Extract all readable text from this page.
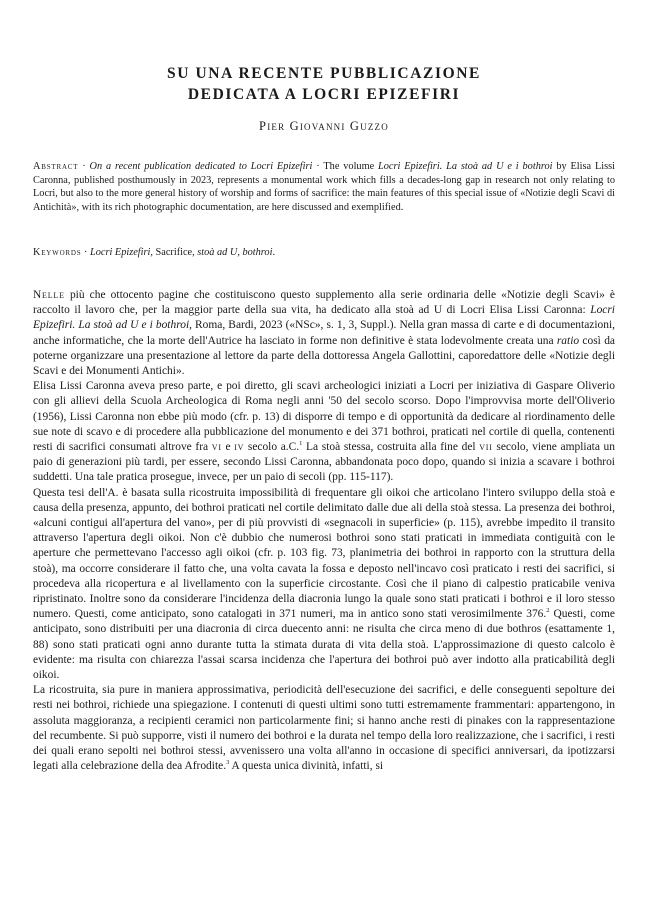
SU UNA RECENTE PUBBLICAZIONE
DEDICATA A LOCRI EPIZEFIRI
Pier Giovanni Guzzo

Abstract · On a recent publication dedicated to Locri Epizefiri · The volume Locri Epizefiri. La stoà ad U e i bothroi by Elisa Lissi Caronna, published posthumously in 2023, represents a monumental work which fills a decades-long gap in research not only relating to Locri, but also to the more general history of worship and forms of sacrifice: the main features of this special issue of «Notizie degli Scavi di Antichità», with its rich photographic documentation, are here discussed and exemplified.

Keywords · Locri Epizefiri, Sacrifice, stoà ad U, bothroi.

Nelle più che ottocento pagine che costituiscono questo supplemento alla serie ordinaria delle «Notizie degli Scavi» è raccolto il lavoro che, per la maggior parte della sua vita, ha dedicato alla stoà ad U di Locri Elisa Lissi Caronna: Locri Epizefiri. La stoà ad U e i bothroi, Roma, Bardi, 2023 («NSc», s. 1, 3, Suppl.). Nella gran massa di carte e di documentazioni, anche informatiche, che la morte dell'Autrice ha lasciato in forme non definitive è stata lodevolmente creata una ratio così da poterne organizzare una presentazione al lettore da parte della dottoressa Angela Gallottini, caporedattore delle «Notizie degli Scavi e dei Monumenti Antichi».

Elisa Lissi Caronna aveva preso parte, e poi diretto, gli scavi archeologici iniziati a Locri per iniziativa di Gaspare Oliverio con gli allievi della Scuola Archeologica di Roma negli anni '50 del secolo scorso. Dopo l'improvvisa morte dell'Oliverio (1956), Lissi Caronna non ebbe più modo (cfr. p. 13) di disporre di tempo e di opportunità da dedicare al riordinamento delle sue note di scavo e di procedere alla pubblicazione del monumento e dei 371 bothroi, praticati nel cortile di quella, contenenti resti di sacrifici consumati altrove fra vi e iv secolo a.C.$^1$ La stoà stessa, costruita alla fine del vii secolo, viene ampliata un paio di generazioni più tardi, per essere, secondo Lissi Caronna, abbandonata poco dopo, quando si inizia a scavare i bothroi suddetti. Una tale pratica prosegue, invece, per un paio di secoli (pp. 115-117).

Questa tesi dell'A. è basata sulla ricostruita impossibilità di frequentare gli oikoi che articolano l'intero sviluppo della stoà e causa della presenza, appunto, dei bothroi praticati nel cortile delimitato dalle due ali della stoà stessa. La presenza dei bothroi, «alcuni contigui all'apertura del vano», per di più provvisti di «segnacoli in superficie» (p. 115), avrebbe impedito il transito attraverso l'apertura degli oikoi. Non c'è dubbio che numerosi bothroi sono stati praticati in immediata contiguità con le aperture che permettevano l'accesso agli oikoi (cfr. p. 103 fig. 73, planimetria dei bothroi in rapporto con la struttura della stoà), ma occorre considerare il fatto che, una volta cavata la fossa e deposto nell'incavo così praticato i resti dei sacrifici, si procedeva alla ricopertura e al livellamento con la superficie circostante. Così che il piano di calpestio praticabile veniva ripristinato. Inoltre sono da considerare l'incidenza della diacronia lungo la quale sono stati praticati i bothroi e il loro stesso numero. Questi, come anticipato, sono catalogati in 371 numeri, ma in antico sono stati verosimilmente 376.$^2$ Questi, come anticipato, sono distribuiti per una diacronia di circa duecento anni: ne risulta che circa meno di due bothros (esattamente 1, 88) sono stati praticati ogni anno durante tutta la stimata durata di vita della stoà. L'approssimazione di questo calcolo è evidente: ma risulta con chiarezza l'assai scarsa incidenza che l'apertura dei bothroi può aver indotto alla praticabilità degli oikoi.

La ricostruita, sia pure in maniera approssimativa, periodicità dell'esecuzione dei sacrifici, e delle conseguenti sepolture dei resti nei bothroi, richiede una spiegazione. I contenuti di questi ultimi sono tutti estremamente frammentari: appartengono, in assoluta maggioranza, a recipienti ceramici non particolarmente fini; si hanno anche resti di pinakes con la rappresentazione del recumbente. Si può supporre, visti il numero dei bothroi e la durata nel tempo della loro realizzazione, che i sacrifici, i resti dei quali erano sepolti nei bothroi stessi, avvenissero una volta all'anno in occasione di specifici anniversari, da ipotizzarsi legati alla celebrazione della dea Afrodite.$^3$ A questa unica divinità, infatti, si
